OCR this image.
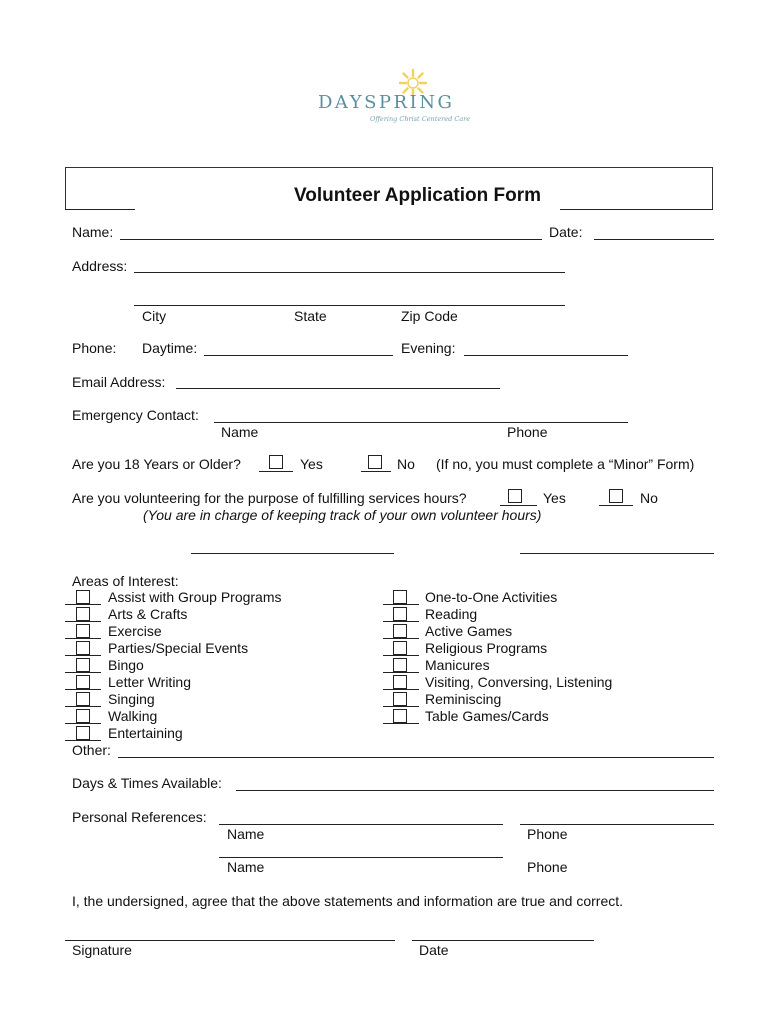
DAYSPRING
Offering Christ Centered Care
Volunteer Application Form
Name:	Date:
Address:
City	State	Zip Code
Phone: Daytime:	Evening:
Email Address:
Emergency Contact:
Name	Phone
Are you 18 Years or Older?	Yes	No (If no, you must complete a “Minor” Form)
Are you volunteering for the purpose of fulfilling services hours?	Yes	No
(You are in charge of keeping track of your own volunteer hours)
Areas of Interest:
Assist with Group Programs
Arts & Crafts
Exercise
Parties/Special Events
Bingo
Letter Writing
Singing
Walking
Entertaining
One-to-One Activities
Reading
Active Games
Religious Programs
Manicures
Visiting, Conversing, Listening
Reminiscing
Table Games/Cards
Other:
Days & Times Available:
Personal References:
Name	Phone
Name	Phone
I, the undersigned, agree that the above statements and information are true and correct.
Signature	Date
